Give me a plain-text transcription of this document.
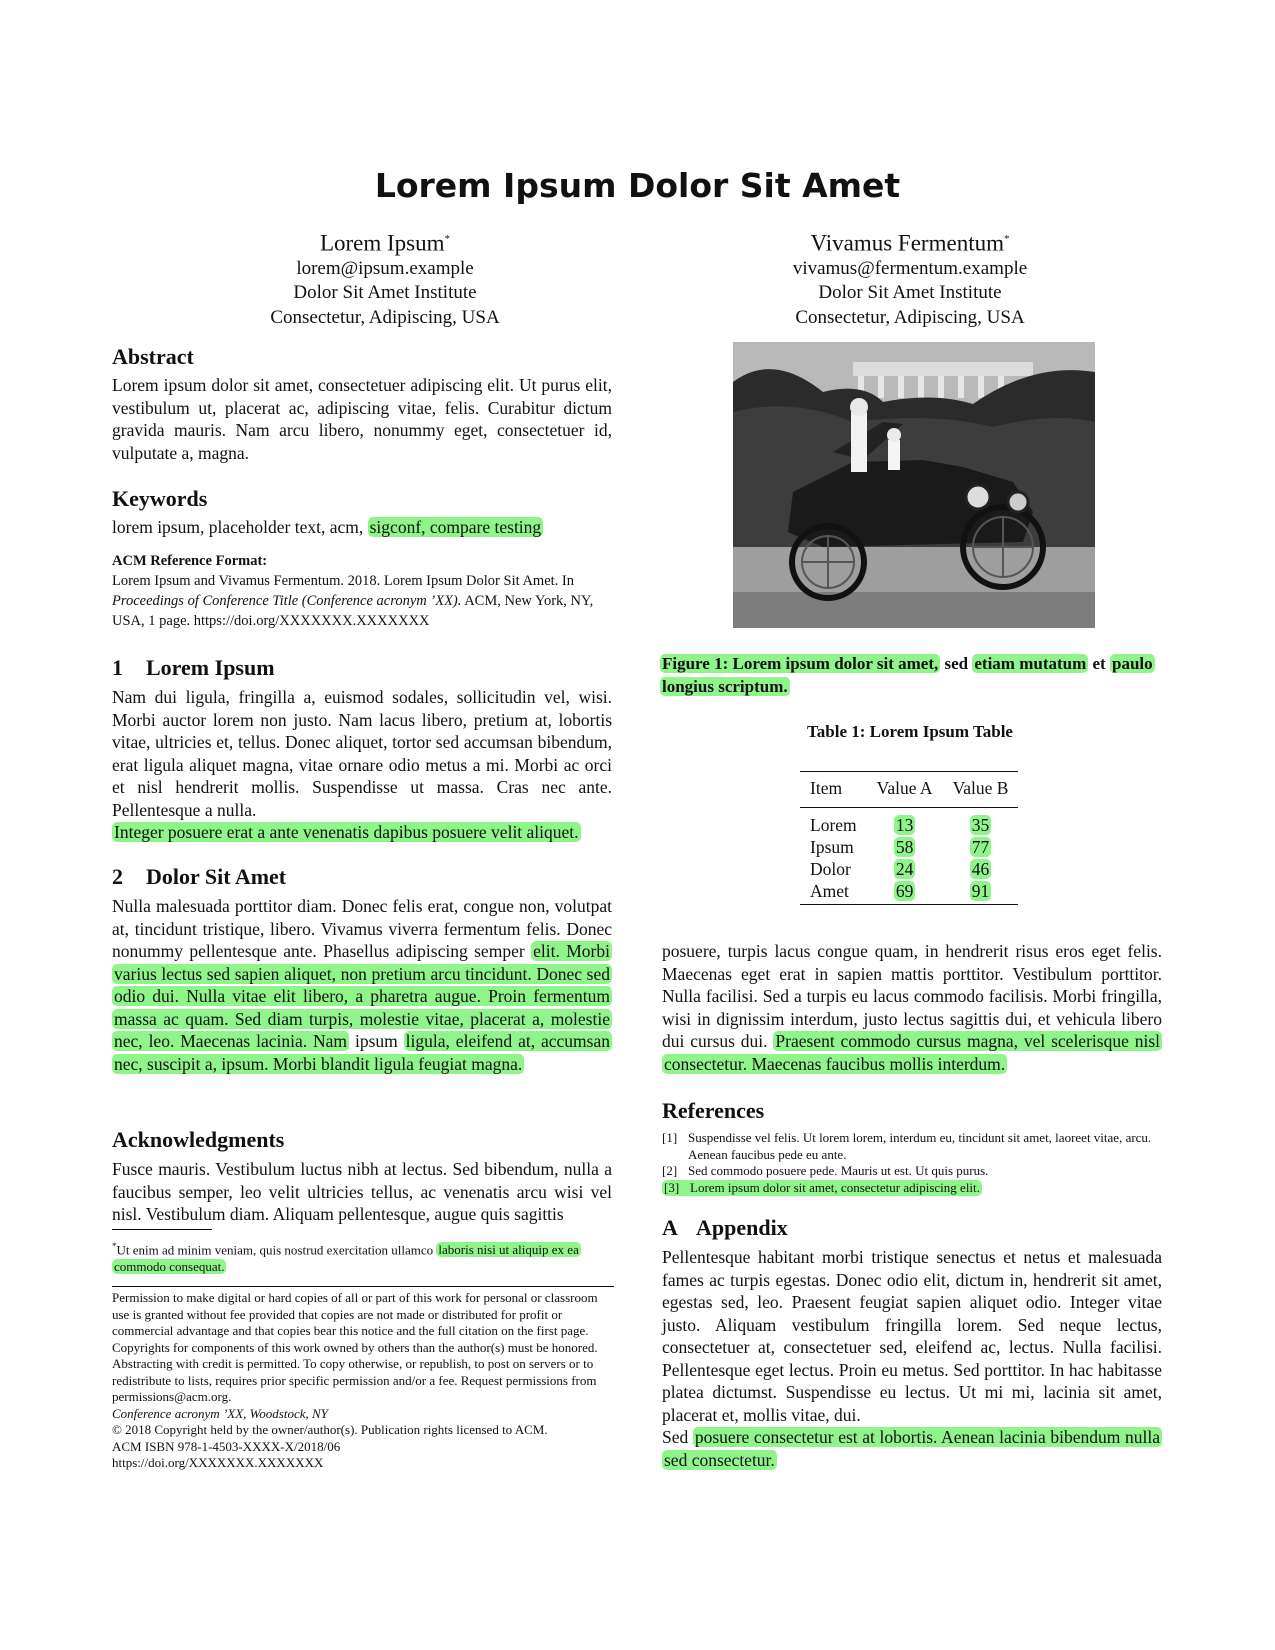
Lorem Ipsum Dolor Sit Amet
Lorem Ipsum*
lorem@ipsum.example
Dolor Sit Amet Institute
Consectetur, Adipiscing, USA
Vivamus Fermentum*
vivamus@fermentum.example
Dolor Sit Amet Institute
Consectetur, Adipiscing, USA
Abstract

Lorem ipsum dolor sit amet, consectetuer adipiscing elit. Ut purus elit, vestibulum ut, placerat ac, adipiscing vitae, felis. Curabitur dictum gravida mauris. Nam arcu libero, nonummy eget, consectetuer id, vulputate a, magna.

Keywords

lorem ipsum, placeholder text, acm, sigconf, compare testing

ACM Reference Format:
Lorem Ipsum and Vivamus Fermentum. 2018. Lorem Ipsum Dolor Sit Amet. In Proceedings of Conference Title (Conference acronym ’XX). ACM, New York, NY, USA, 1 page. https://doi.org/XXXXXXX.XXXXXXX
1 Lorem Ipsum

Nam dui ligula, fringilla a, euismod sodales, sollicitudin vel, wisi. Morbi auctor lorem non justo. Nam lacus libero, pretium at, lobortis vitae, ultricies et, tellus. Donec aliquet, tortor sed accumsan bibendum, erat ligula aliquet magna, vitae ornare odio metus a mi. Morbi ac orci et nisl hendrerit mollis. Suspendisse ut massa. Cras nec ante. Pellentesque a nulla.
Integer posuere erat a ante venenatis dapibus posuere velit aliquet.

2 Dolor Sit Amet

Nulla malesuada porttitor diam. Donec felis erat, congue non, volutpat at, tincidunt tristique, libero. Vivamus viverra fermentum felis. Donec nonummy pellentesque ante. Phasellus adipiscing semper elit. Morbi varius lectus sed sapien aliquet, non pretium arcu tincidunt. Donec sed odio dui. Nulla vitae elit libero, a pharetra augue. Proin fermentum massa ac quam. Sed diam turpis, molestie vitae, placerat a, molestie nec, leo. Maecenas lacinia. Nam ipsum ligula, eleifend at, accumsan nec, suscipit a, ipsum. Morbi blandit ligula feugiat magna.

Acknowledgments

Fusce mauris. Vestibulum luctus nibh at lectus. Sed bibendum, nulla a faucibus semper, leo velit ultricies tellus, ac venenatis arcu wisi vel nisl. Vestibulum diam. Aliquam pellentesque, augue quis sagittis

*Ut enim ad minim veniam, quis nostrud exercitation ullamco laboris nisi ut aliquip ex ea commodo consequat.
Permission to make digital or hard copies of all or part of this work for personal or classroom use is granted without fee provided that copies are not made or distributed for profit or commercial advantage and that copies bear this notice and the full citation on the first page. Copyrights for components of this work owned by others than the author(s) must be honored. Abstracting with credit is permitted. To copy otherwise, or republish, to post on servers or to redistribute to lists, requires prior specific permission and/or a fee. Request permissions from permissions@acm.org.
Conference acronym ’XX, Woodstock, NY
© 2018 Copyright held by the owner/author(s). Publication rights licensed to ACM.
ACM ISBN 978-1-4503-XXXX-X/2018/06
https://doi.org/XXXXXXX.XXXXXXX
Figure 1: Lorem ipsum dolor sit amet, sed etiam mutatum et paulo longius scriptum.
Table 1: Lorem Ipsum Table
Item	Value A	Value B
Lorem	13	35
Ipsum	58	77
Dolor	24	46
Amet	69	91
posuere, turpis lacus congue quam, in hendrerit risus eros eget felis. Maecenas eget erat in sapien mattis porttitor. Vestibulum porttitor. Nulla facilisi. Sed a turpis eu lacus commodo facilisis. Morbi fringilla, wisi in dignissim interdum, justo lectus sagittis dui, et vehicula libero dui cursus dui. Praesent commodo cursus magna, vel scelerisque nisl consectetur. Maecenas faucibus mollis interdum.
References
[1] Suspendisse vel felis. Ut lorem lorem, interdum eu, tincidunt sit amet, laoreet vitae, arcu. Aenean faucibus pede eu ante.
[2] Sed commodo posuere pede. Mauris ut est. Ut quis purus.
[3] Lorem ipsum dolor sit amet, consectetur adipiscing elit.
A Appendix

Pellentesque habitant morbi tristique senectus et netus et malesuada fames ac turpis egestas. Donec odio elit, dictum in, hendrerit sit amet, egestas sed, leo. Praesent feugiat sapien aliquet odio. Integer vitae justo. Aliquam vestibulum fringilla lorem. Sed neque lectus, consectetuer at, consectetuer sed, eleifend ac, lectus. Nulla facilisi. Pellentesque eget lectus. Proin eu metus. Sed porttitor. In hac habitasse platea dictumst. Suspendisse eu lectus. Ut mi mi, lacinia sit amet, placerat et, mollis vitae, dui.
Sed posuere consectetur est at lobortis. Aenean lacinia bibendum nulla sed consectetur.
